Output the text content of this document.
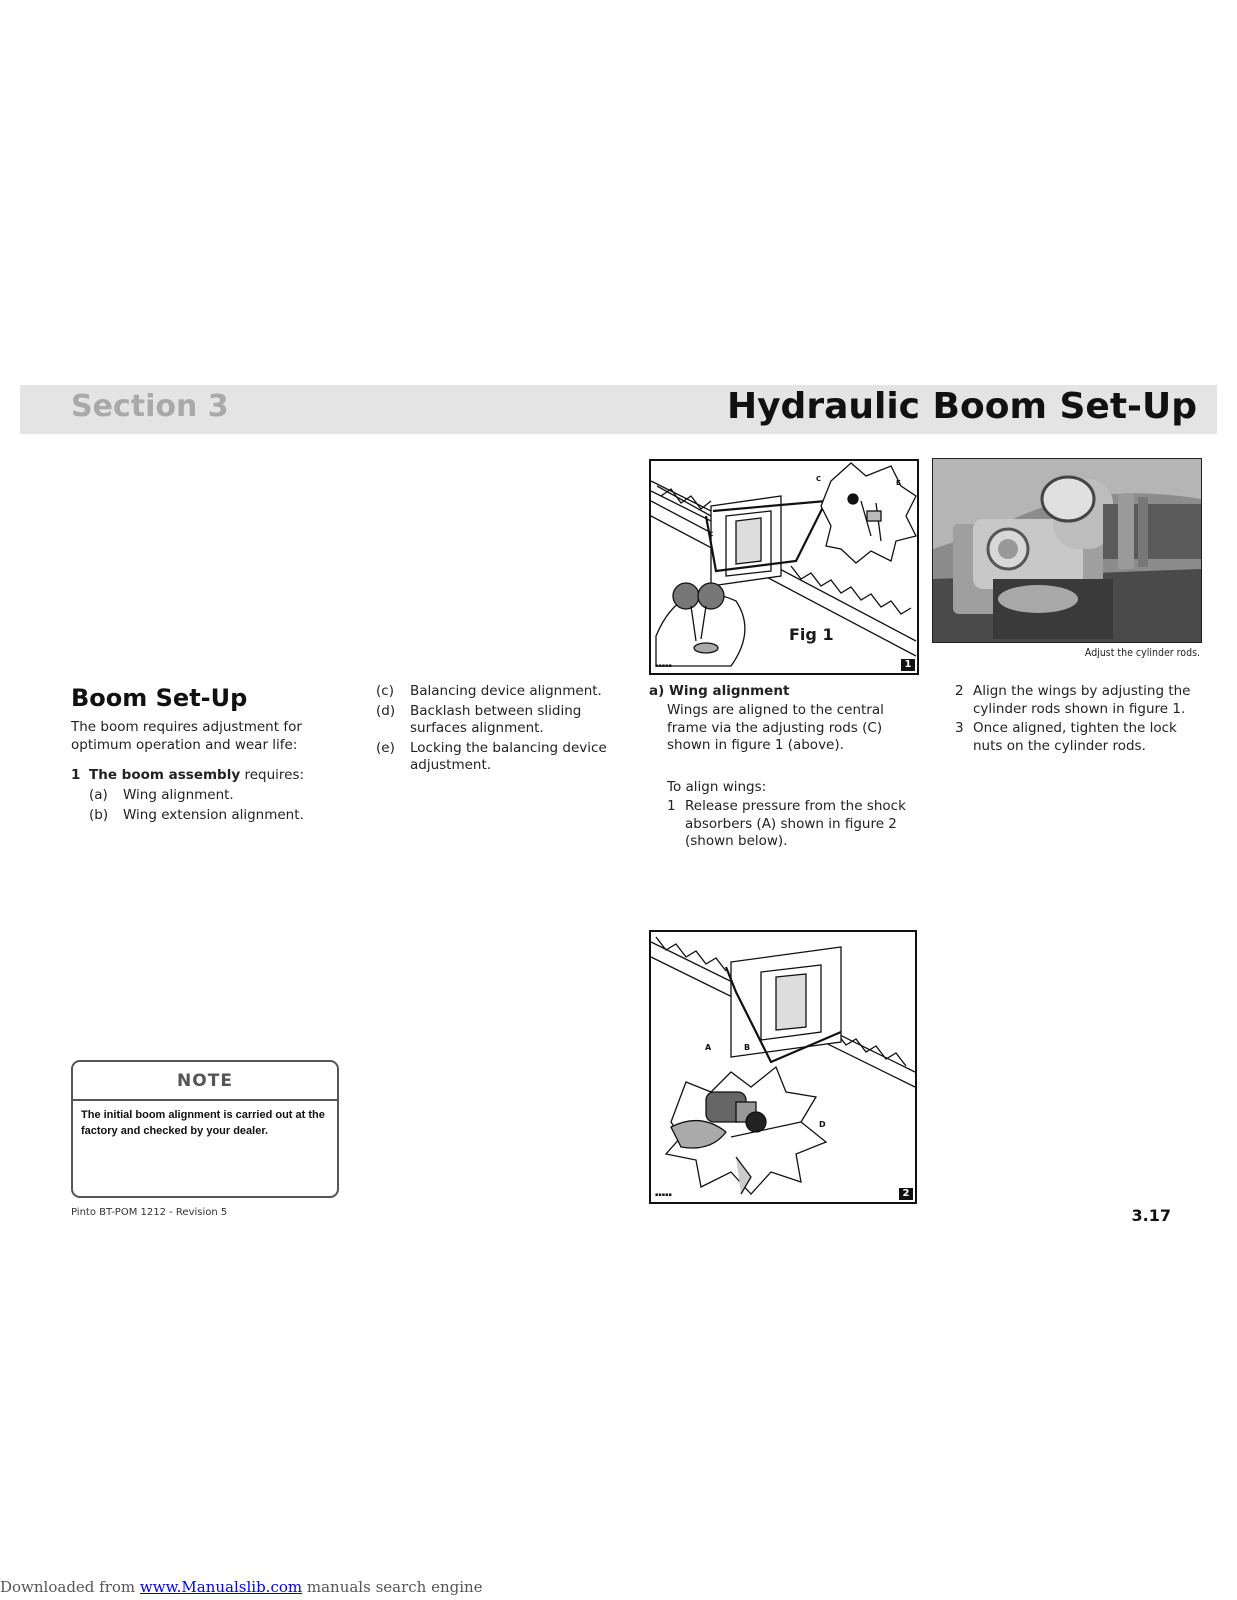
Section 3	Hydraulic Boom Set-Up
C	E
C
Fig 1
▪▪▪▪▪	1
Adjust the cylinder rods.
Boom Set-Up
The boom requires adjustment for optimum operation and wear life:
1 The boom assembly requires:
(a)	Wing alignment.
(b)	Wing extension alignment.
(c)	Balancing device alignment.
(d)	Backlash between sliding surfaces alignment.
(e)	Locking the balancing device adjustment.
a) Wing alignment
Wings are aligned to the central frame via the adjusting rods (C) shown in figure 1 (above).
To align wings:
1 Release pressure from the shock absorbers (A) shown in figure 2 (shown below).
2 Align the wings by adjusting the cylinder rods shown in figure 1.
3 Once aligned, tighten the lock nuts on the cylinder rods.
A	B
D
▪▪▪▪▪	2
NOTE
The initial boom alignment is carried out at the factory and checked by your dealer.
Pinto BT-POM 1212 - Revision 5	3.17
Downloaded from www.Manualslib.com manuals search engine
